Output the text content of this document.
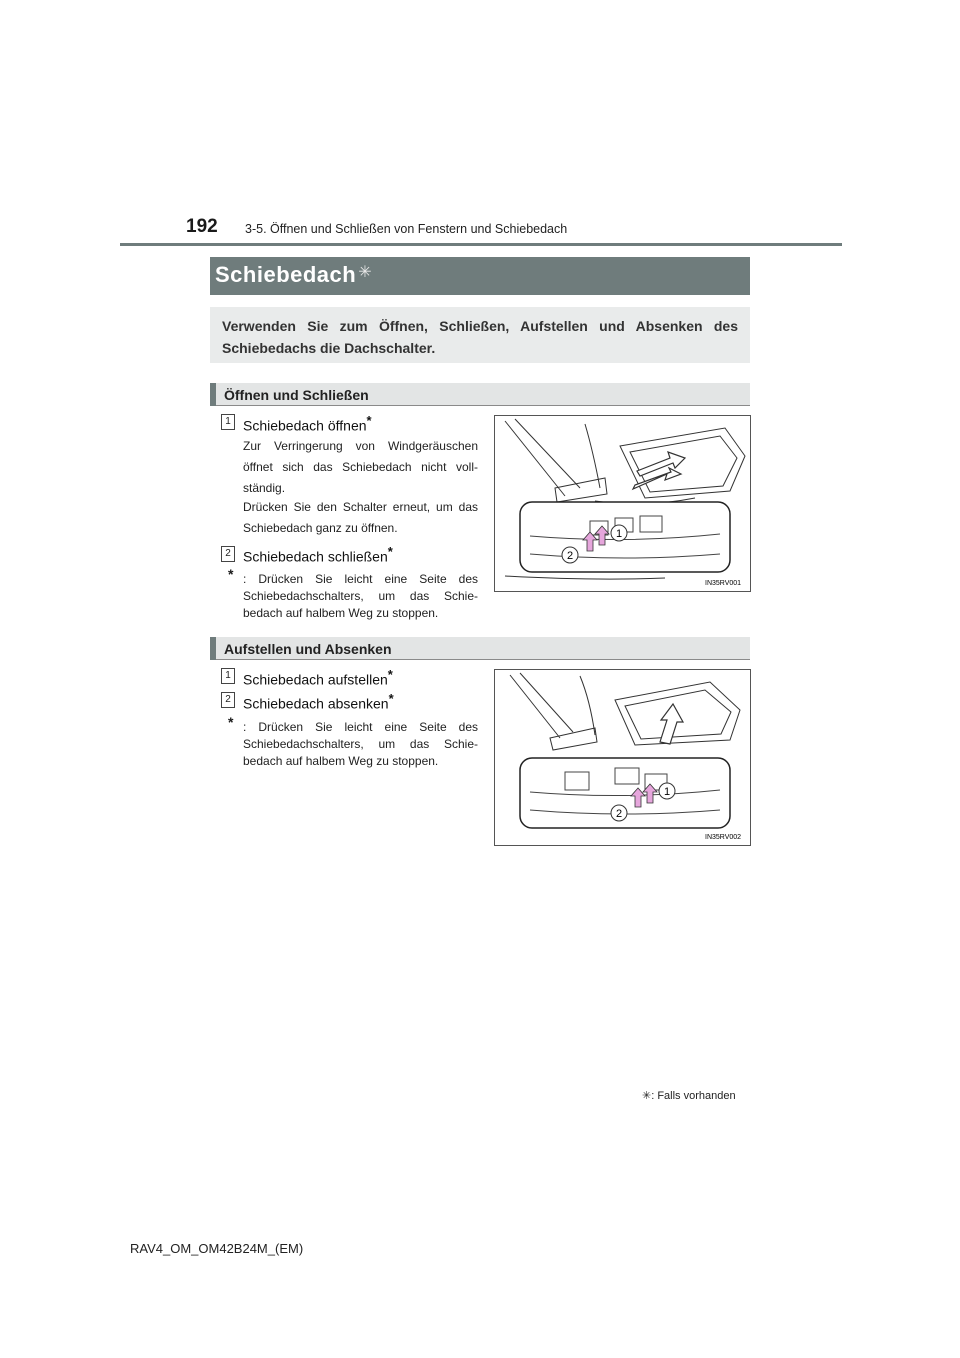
192 3-5. Öffnen und Schließen von Fenstern und Schiebedach
Schiebedach ✳
Verwenden Sie zum Öffnen, Schließen, Aufstellen und Absenken des Schiebedachs die Dachschalter.
Öffnen und Schließen
1 Schiebedach öffnen*
Zur Verringerung von Windgeräuschen öffnet sich das Schiebedach nicht voll-ständig.
Drücken Sie den Schalter erneut, um das Schiebedach ganz zu öffnen.
2 Schiebedach schließen*
* : Drücken Sie leicht eine Seite des Schiebedachschalters, um das Schie-bedach auf halbem Weg zu stoppen.
1
2
IN35RV001
Aufstellen und Absenken
1 Schiebedach aufstellen*
2 Schiebedach absenken*
* : Drücken Sie leicht eine Seite des Schiebedachschalters, um das Schie-bedach auf halbem Weg zu stoppen.
1
2
IN35RV002
✳: Falls vorhanden
RAV4_OM_OM42B24M_(EM)
